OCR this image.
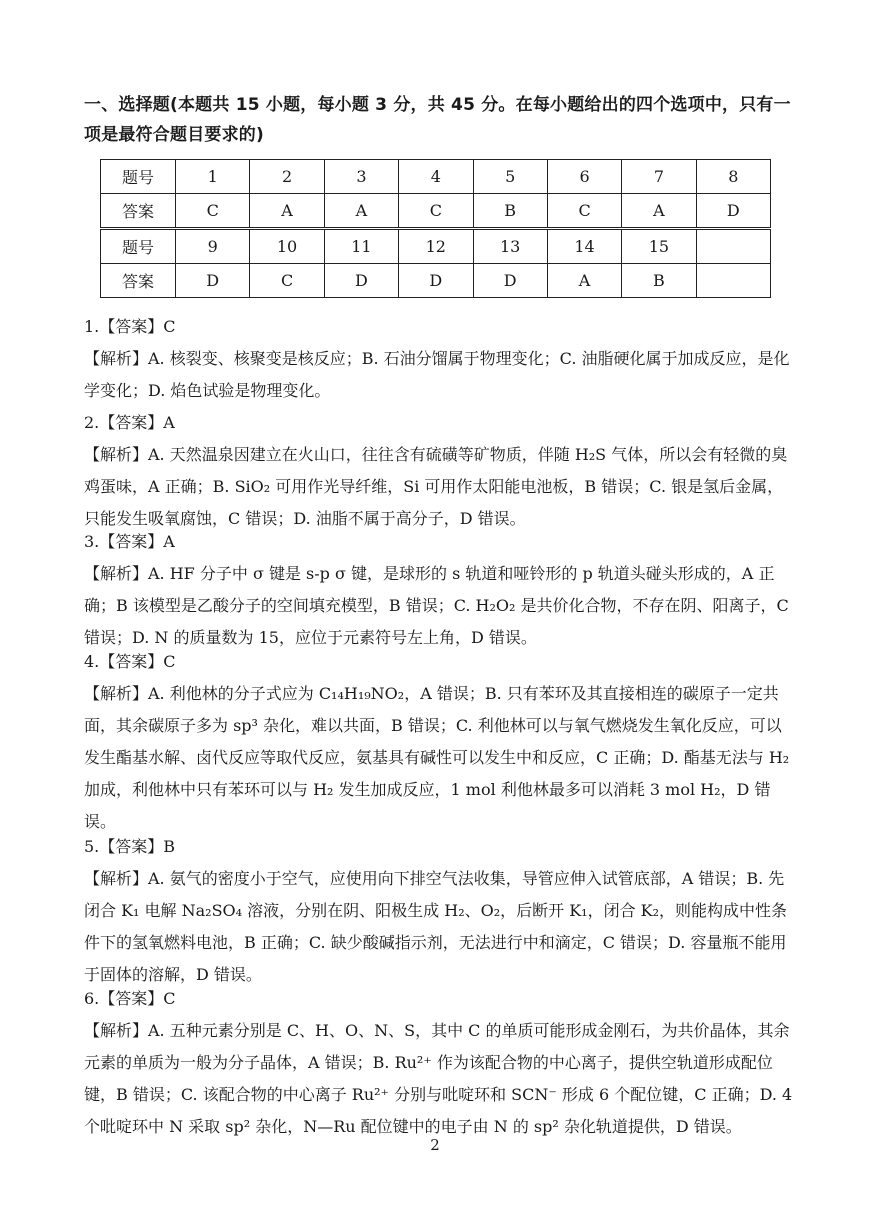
一、选择题(本题共 15 小题，每小题 3 分，共 45 分。在每小题给出的四个选项中，只有一项是最符合题目要求的)
题号	1	2	3	4	5	6	7	8
答案	C	A	A	C	B	C	A	D
题号	9	10	11	12	13	14	15	
答案	D	C	D	D	D	A	B	
1.【答案】C
【解析】A. 核裂变、核聚变是核反应；B. 石油分馏属于物理变化；C. 油脂硬化属于加成反应，是化学变化；D. 焰色试验是物理变化。
2.【答案】A
【解析】A. 天然温泉因建立在火山口，往往含有硫磺等矿物质，伴随 H₂S 气体，所以会有轻微的臭鸡蛋味，A 正确；B. SiO₂ 可用作光导纤维，Si 可用作太阳能电池板，B 错误；C. 银是氢后金属，只能发生吸氧腐蚀，C 错误；D. 油脂不属于高分子，D 错误。
3.【答案】A
【解析】A. HF 分子中 σ 键是 s-p σ 键，是球形的 s 轨道和哑铃形的 p 轨道头碰头形成的，A 正确；B 该模型是乙酸分子的空间填充模型，B 错误；C. H₂O₂ 是共价化合物，不存在阴、阳离子，C 错误；D. N 的质量数为 15，应位于元素符号左上角，D 错误。
4.【答案】C
【解析】A. 利他林的分子式应为 C₁₄H₁₉NO₂，A 错误；B. 只有苯环及其直接相连的碳原子一定共面，其余碳原子多为 sp³ 杂化，难以共面，B 错误；C. 利他林可以与氧气燃烧发生氧化反应，可以发生酯基水解、卤代反应等取代反应，氨基具有碱性可以发生中和反应，C 正确；D. 酯基无法与 H₂ 加成，利他林中只有苯环可以与 H₂ 发生加成反应，1 mol 利他林最多可以消耗 3 mol H₂，D 错误。
5.【答案】B
【解析】A. 氨气的密度小于空气，应使用向下排空气法收集，导管应伸入试管底部，A 错误；B. 先闭合 K₁ 电解 Na₂SO₄ 溶液，分别在阴、阳极生成 H₂、O₂，后断开 K₁，闭合 K₂，则能构成中性条件下的氢氧燃料电池，B 正确；C. 缺少酸碱指示剂，无法进行中和滴定，C 错误；D. 容量瓶不能用于固体的溶解，D 错误。
6.【答案】C
【解析】A. 五种元素分别是 C、H、O、N、S，其中 C 的单质可能形成金刚石，为共价晶体，其余元素的单质为一般为分子晶体，A 错误；B. Ru²⁺ 作为该配合物的中心离子，提供空轨道形成配位键，B 错误；C. 该配合物的中心离子 Ru²⁺ 分别与吡啶环和 SCN⁻ 形成 6 个配位键，C 正确；D. 4 个吡啶环中 N 采取 sp² 杂化，N—Ru 配位键中的电子由 N 的 sp² 杂化轨道提供，D 错误。
2
